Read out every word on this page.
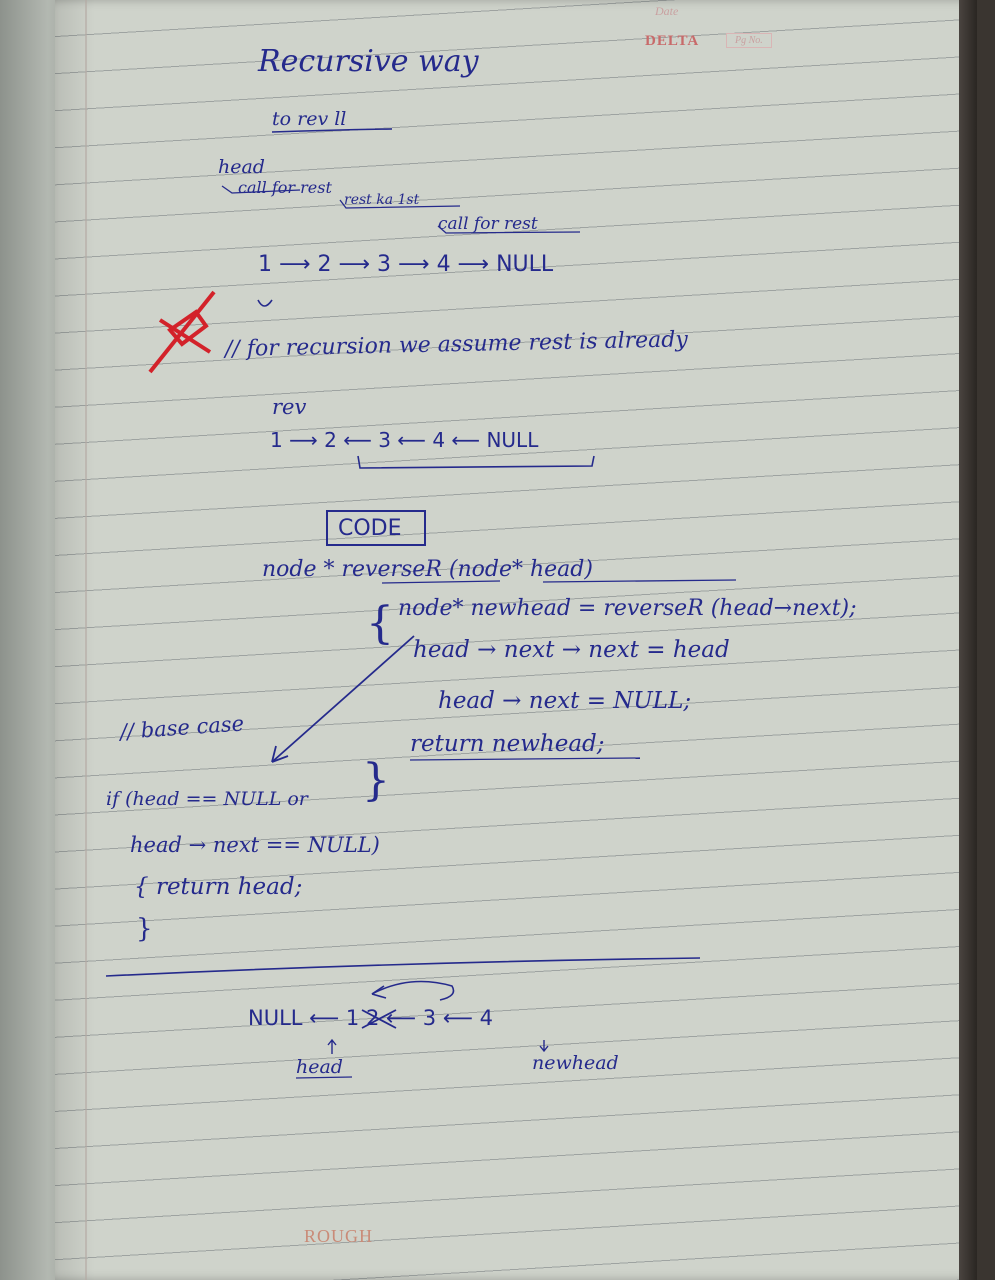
Date
DELTA	Pg No.
Recursive way
to rev ll
head
call for rest
rest ka 1st
call for rest
1 ⟶ 2 ⟶ 3 ⟶ 4 ⟶ NULL
// for recursion we assume rest is already
rev
1 ⟶ 2 ⟵ 3 ⟵ 4 ⟵ NULL
CODE
node * reverseR (node* head)
{ node* newhead = reverseR (head→next);
head → next → next = head
head → next = NULL;
return newhead;
}
// base case
if (head == NULL or
head → next == NULL)
{ return head;
}
NULL ⟵ 1 2 ⟵ 3 ⟵ 4
head	newhead
ROUGH
